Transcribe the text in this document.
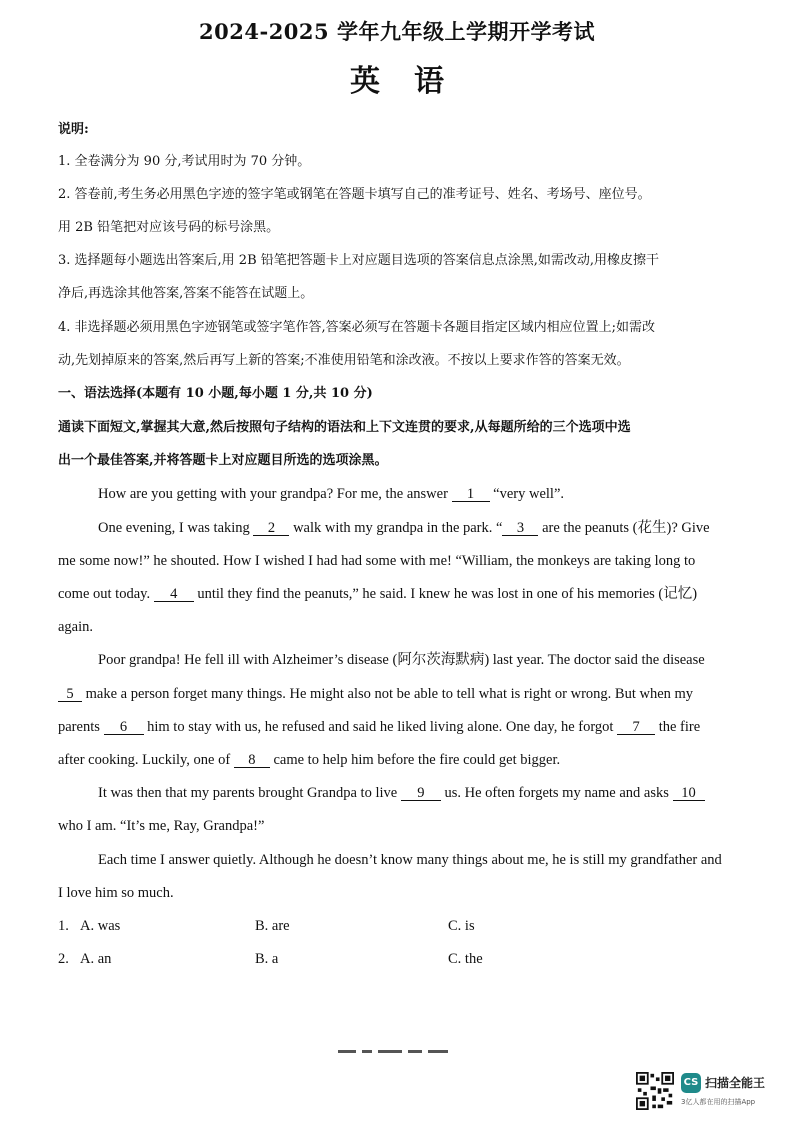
2024-2025 学年九年级上学期开学考试
英语
说明:
1. 全卷满分为 90 分,考试用时为 70 分钟。
2. 答卷前,考生务必用黑色字迹的签字笔或钢笔在答题卡填写自己的准考证号、姓名、考场号、座位号。
用 2B 铅笔把对应该号码的标号涂黑。
3. 选择题每小题选出答案后,用 2B 铅笔把答题卡上对应题目选项的答案信息点涂黑,如需改动,用橡皮擦干
净后,再选涂其他答案,答案不能答在试题上。
4. 非选择题必须用黑色字迹钢笔或签字笔作答,答案必须写在答题卡各题目指定区域内相应位置上;如需改
动,先划掉原来的答案,然后再写上新的答案;不准使用铅笔和涂改液。不按以上要求作答的答案无效。
一、语法选择(本题有 10 小题,每小题 1 分,共 10 分)
通读下面短文,掌握其大意,然后按照句子结构的语法和上下文连贯的要求,从每题所给的三个选项中选
出一个最佳答案,并将答题卡上对应题目所选的选项涂黑。
How are you getting with your grandpa? For me, the answer 1 “very well”.
One evening, I was taking 2 walk with my grandpa in the park. “ 3 are the peanuts (花生)? Give
me some now!” he shouted. How I wished I had had some with me! “William, the monkeys are taking long to
come out today. 4 until they find the peanuts,” he said. I knew he was lost in one of his memories (记忆)
again.
Poor grandpa! He fell ill with Alzheimer’s disease (阿尔茨海默病) last year. The doctor said the disease
5 make a person forget many things. He might also not be able to tell what is right or wrong. But when my
parents 6 him to stay with us, he refused and said he liked living alone. One day, he forgot 7 the fire
after cooking. Luckily, one of 8 came to help him before the fire could get bigger.
It was then that my parents brought Grandpa to live 9 us. He often forgets my name and asks 10
who I am. “It’s me, Ray, Grandpa!”
Each time I answer quietly. Although he doesn’t know many things about me, he is still my grandfather and
I love him so much.
1. A. was	B. are	C. is
2. A. an	B. a	C. the
CS 扫描全能王
3亿人都在用的扫描App
